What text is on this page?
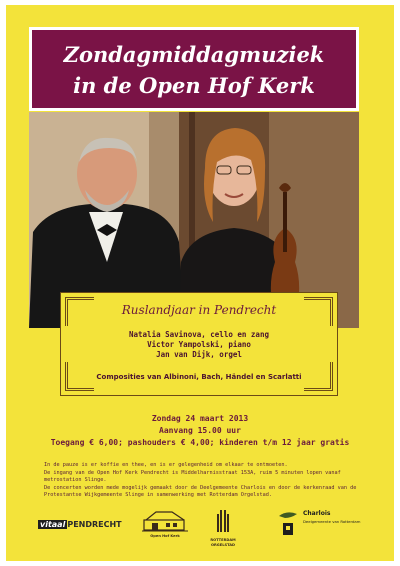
Zondagmiddagmuziek
in de Open Hof Kerk
Ruslandjaar in Pendrecht
Natalia Savinova, cello en zang
Victor Yampolski, piano
Jan van Dijk, orgel
Composities van Albinoni, Bach, Händel en Scarlatti
Zondag 24 maart 2013
Aanvang 15.00 uur
Toegang € 6,00; pashouders € 4,00; kinderen t/m 12 jaar gratis
In de pauze is er koffie en thee, en is er gelegenheid om elkaar te ontmoeten.
De ingang van de Open Hof Kerk Pendrecht is Middelharnisstraat 153A, ruim 5 minuten lopen vanaf
metrostation Slinge.
De concerten worden mede mogelijk gemaakt door de Deelgemeente Charlois en door de kerkenraad van de
Protestantse Wijkgemeente Slinge in samenwerking met Rotterdam Orgelstad.
vitaal PENDRECHT
Open Hof Kerk
ROTTERDAM
ORGELSTAD
Charlois
Deelgemeente van Rotterdam
